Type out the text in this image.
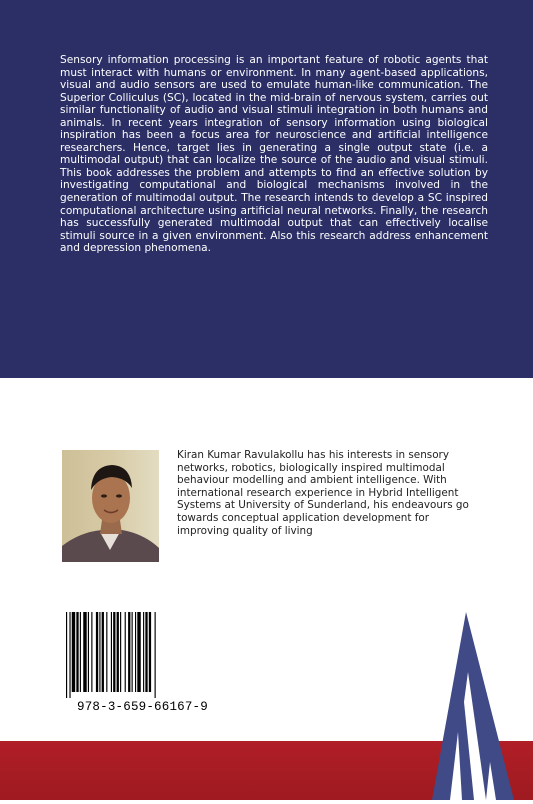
Sensory information processing is an important feature of robotic agents that must interact with humans or environment. In many agent-based applications, visual and audio sensors are used to emulate human-like communication. The Superior Colliculus (SC), located in the mid-brain of nervous system, carries out similar functionality of audio and visual stimuli integration in both humans and animals. In recent years integration of sensory information using biological inspiration has been a focus area for neuroscience and artificial intelligence researchers. Hence, target lies in generating a single output state (i.e. a multimodal output) that can localize the source of the audio and visual stimuli. This book addresses the problem and attempts to find an effective solution by investigating computational and biological mechanisms involved in the generation of multimodal output. The research intends to develop a SC inspired computational architecture using artificial neural networks. Finally, the research has successfully generated multimodal output that can effectively localise stimuli source in a given environment. Also this research address enhancement and depression phenomena.

Kiran Kumar Ravulakollu has his interests in sensory networks, robotics, biologically inspired multimodal behaviour modelling and ambient intelligence. With international research experience in Hybrid Intelligent Systems at University of Sunderland, his endeavours go towards conceptual application development for improving quality of living

978-3-659-66167-9
